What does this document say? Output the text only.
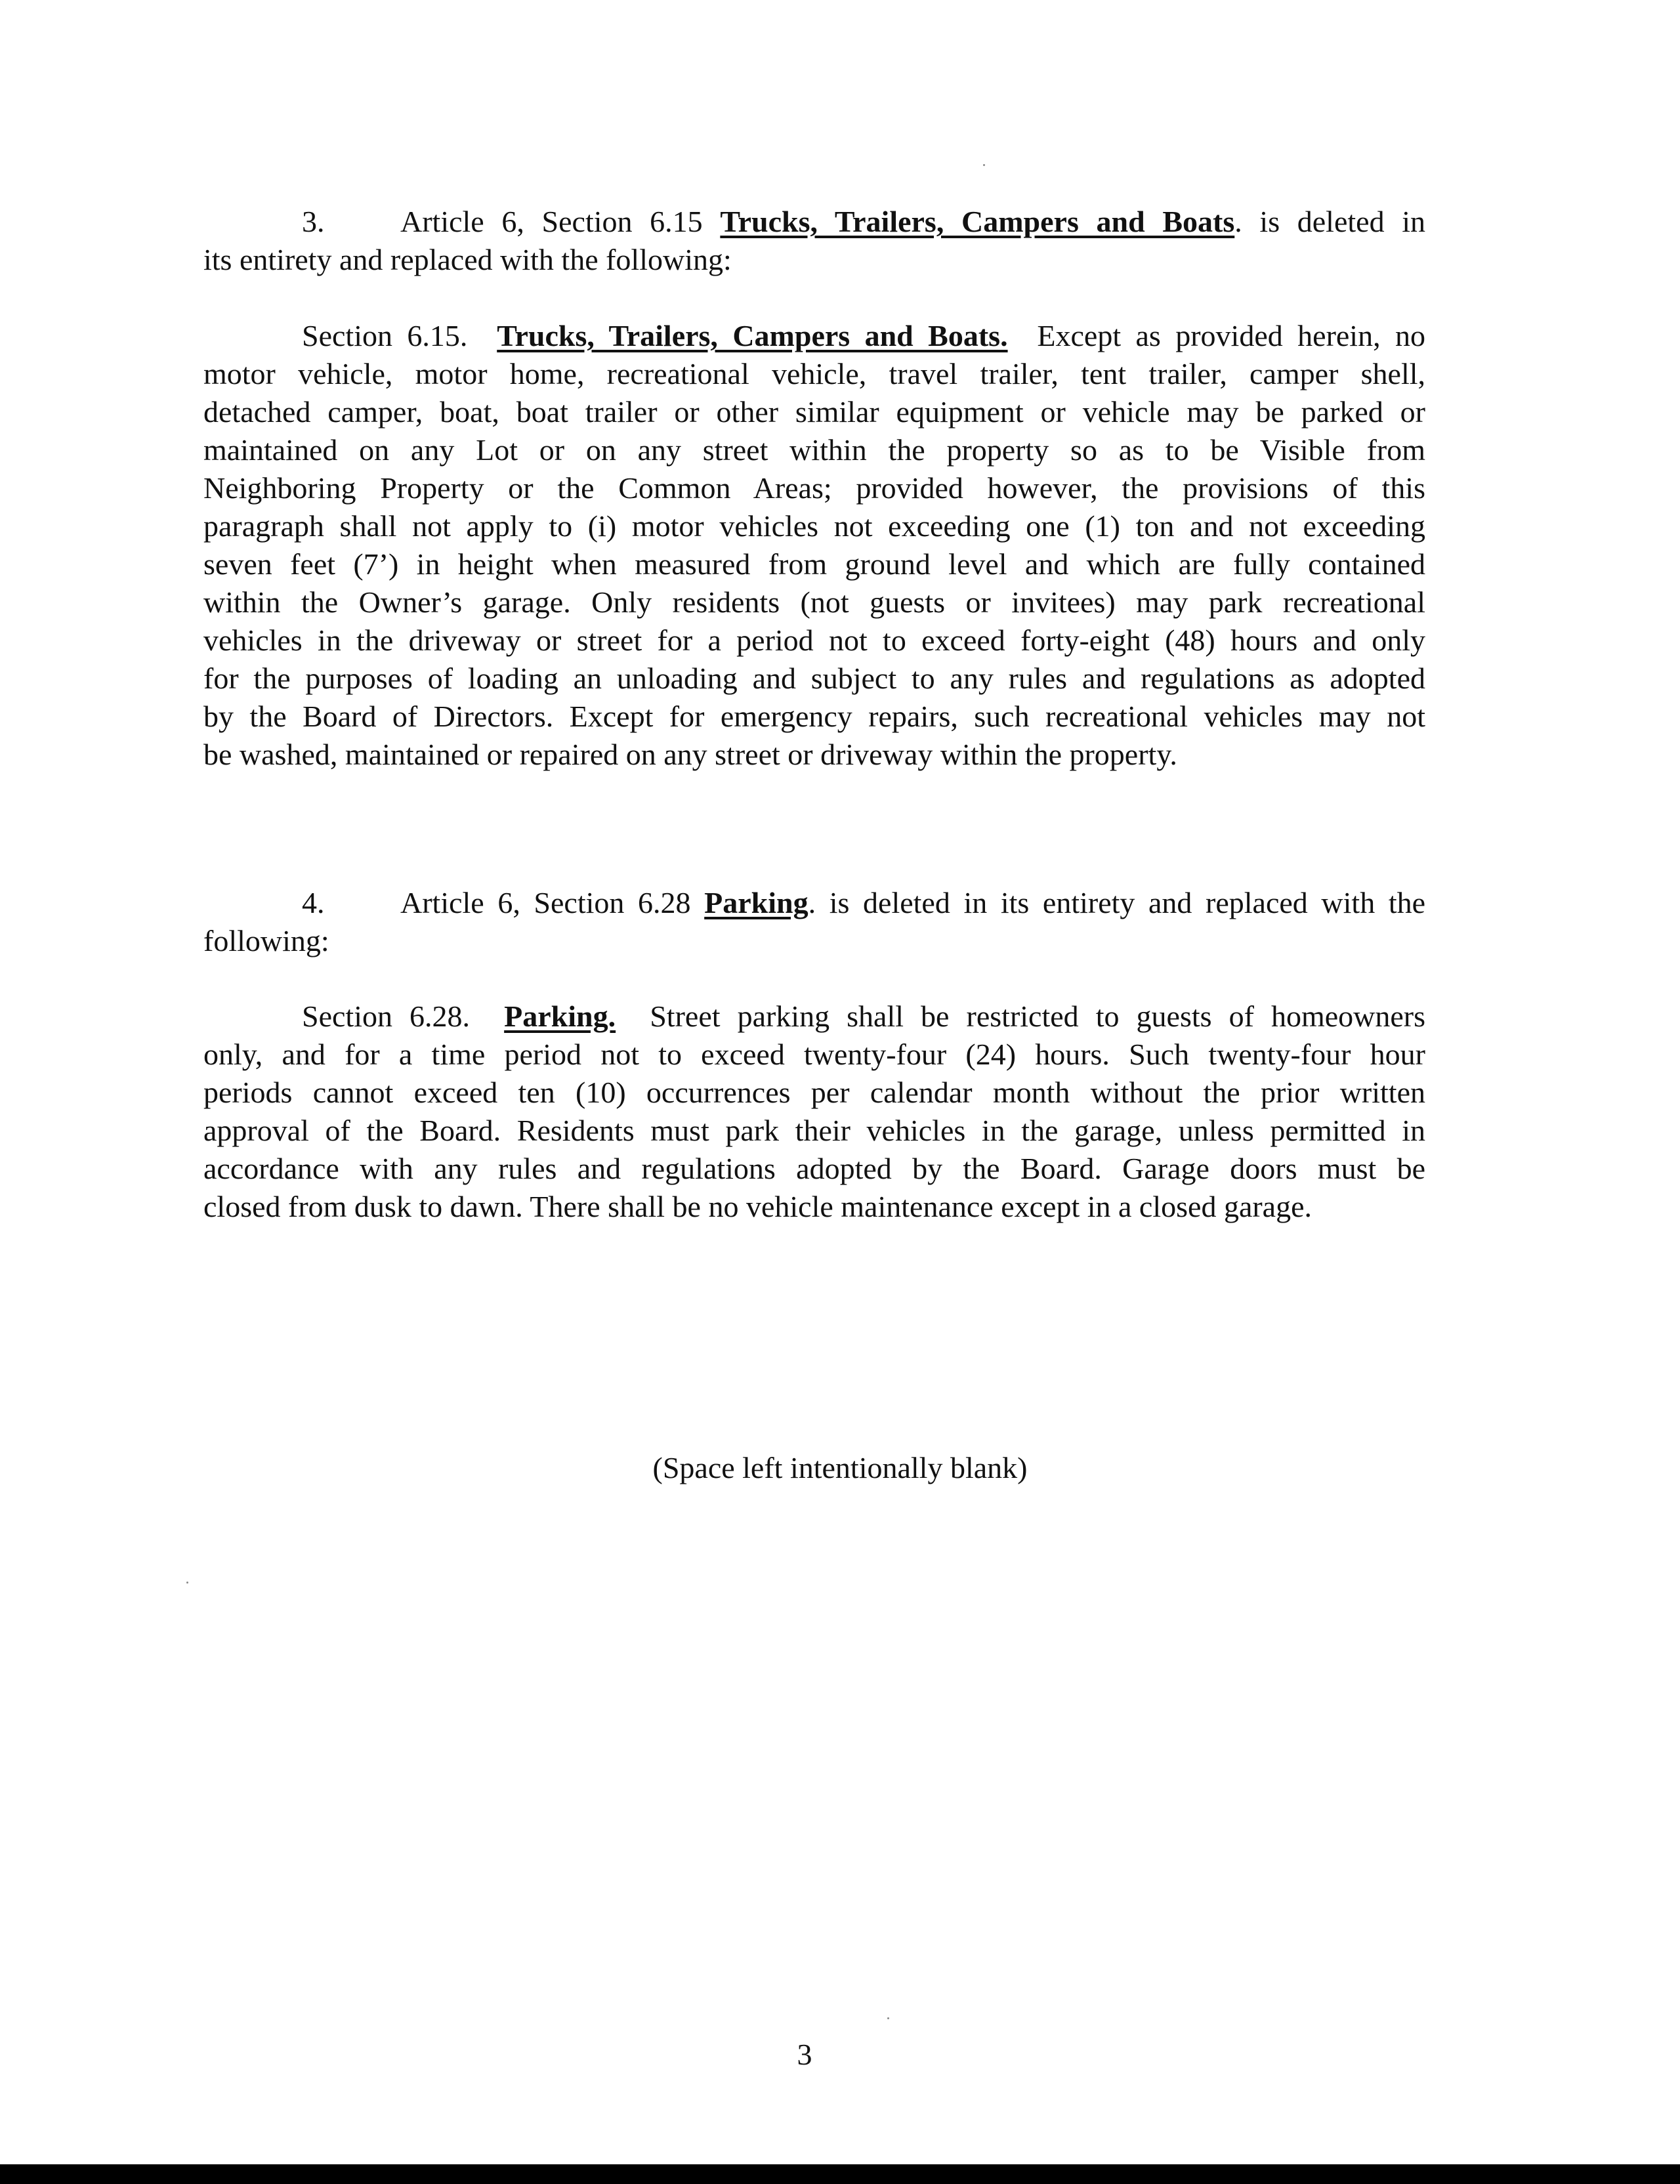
3.	Article 6, Section 6.15 Trucks, Trailers, Campers and Boats. is deleted in
its entirety and replaced with the following:
Section 6.15. Trucks, Trailers, Campers and Boats. Except as provided herein, no
motor vehicle, motor home, recreational vehicle, travel trailer, tent trailer, camper shell,
detached camper, boat, boat trailer or other similar equipment or vehicle may be parked or
maintained on any Lot or on any street within the property so as to be Visible from
Neighboring Property or the Common Areas; provided however, the provisions of this
paragraph shall not apply to (i) motor vehicles not exceeding one (1) ton and not exceeding
seven feet (7’) in height when measured from ground level and which are fully contained
within the Owner’s garage. Only residents (not guests or invitees) may park recreational
vehicles in the driveway or street for a period not to exceed forty-eight (48) hours and only
for the purposes of loading an unloading and subject to any rules and regulations as adopted
by the Board of Directors. Except for emergency repairs, such recreational vehicles may not
be washed, maintained or repaired on any street or driveway within the property.
4.	Article 6, Section 6.28 Parking. is deleted in its entirety and replaced with the
following:
Section 6.28. Parking. Street parking shall be restricted to guests of homeowners
only, and for a time period not to exceed twenty-four (24) hours. Such twenty-four hour
periods cannot exceed ten (10) occurrences per calendar month without the prior written
approval of the Board. Residents must park their vehicles in the garage, unless permitted in
accordance with any rules and regulations adopted by the Board. Garage doors must be
closed from dusk to dawn. There shall be no vehicle maintenance except in a closed garage.
(Space left intentionally blank)
3
